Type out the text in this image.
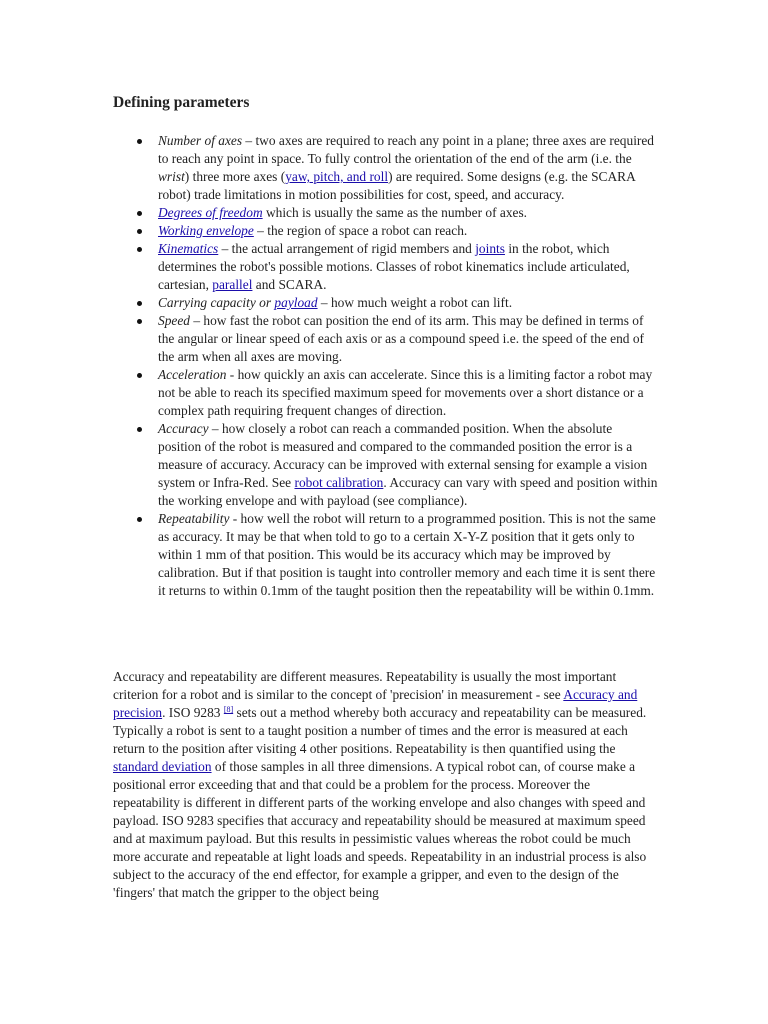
Defining parameters
Number of axes – two axes are required to reach any point in a plane; three axes are required to reach any point in space. To fully control the orientation of the end of the arm (i.e. the wrist) three more axes (yaw, pitch, and roll) are required. Some designs (e.g. the SCARA robot) trade limitations in motion possibilities for cost, speed, and accuracy.
Degrees of freedom which is usually the same as the number of axes.
Working envelope – the region of space a robot can reach.
Kinematics – the actual arrangement of rigid members and joints in the robot, which determines the robot's possible motions. Classes of robot kinematics include articulated, cartesian, parallel and SCARA.
Carrying capacity or payload – how much weight a robot can lift.
Speed – how fast the robot can position the end of its arm. This may be defined in terms of the angular or linear speed of each axis or as a compound speed i.e. the speed of the end of the arm when all axes are moving.
Acceleration - how quickly an axis can accelerate. Since this is a limiting factor a robot may not be able to reach its specified maximum speed for movements over a short distance or a complex path requiring frequent changes of direction.
Accuracy – how closely a robot can reach a commanded position. When the absolute position of the robot is measured and compared to the commanded position the error is a measure of accuracy. Accuracy can be improved with external sensing for example a vision system or Infra-Red. See robot calibration. Accuracy can vary with speed and position within the working envelope and with payload (see compliance).
Repeatability - how well the robot will return to a programmed position. This is not the same as accuracy. It may be that when told to go to a certain X-Y-Z position that it gets only to within 1 mm of that position. This would be its accuracy which may be improved by calibration. But if that position is taught into controller memory and each time it is sent there it returns to within 0.1mm of the taught position then the repeatability will be within 0.1mm.

Accuracy and repeatability are different measures. Repeatability is usually the most important criterion for a robot and is similar to the concept of 'precision' in measurement - see Accuracy and precision. ISO 9283 [8] sets out a method whereby both accuracy and repeatability can be measured. Typically a robot is sent to a taught position a number of times and the error is measured at each return to the position after visiting 4 other positions. Repeatability is then quantified using the standard deviation of those samples in all three dimensions. A typical robot can, of course make a positional error exceeding that and that could be a problem for the process. Moreover the repeatability is different in different parts of the working envelope and also changes with speed and payload. ISO 9283 specifies that accuracy and repeatability should be measured at maximum speed and at maximum payload. But this results in pessimistic values whereas the robot could be much more accurate and repeatable at light loads and speeds. Repeatability in an industrial process is also subject to the accuracy of the end effector, for example a gripper, and even to the design of the 'fingers' that match the gripper to the object being
